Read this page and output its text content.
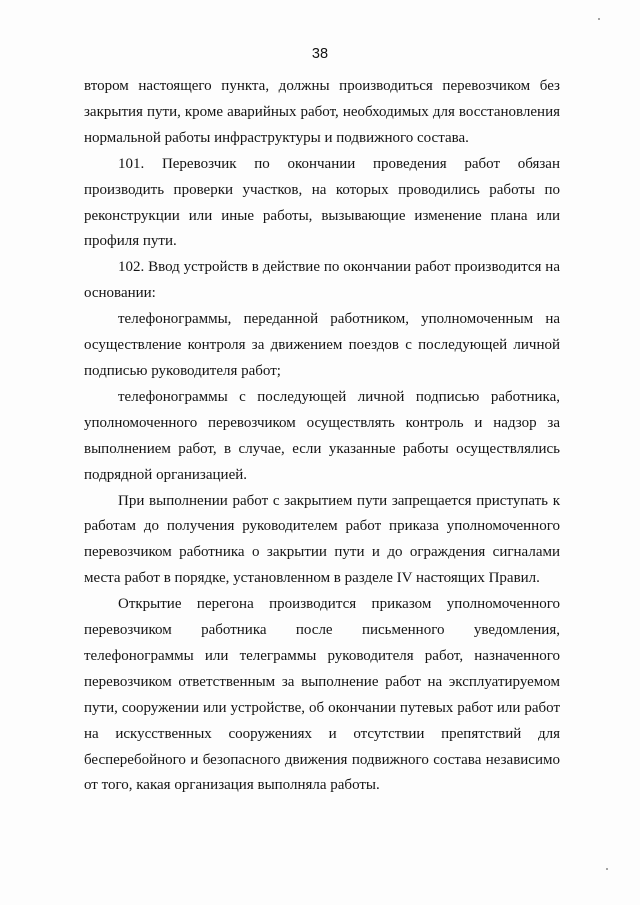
38

втором настоящего пункта, должны производиться перевозчиком без закрытия пути, кроме аварийных работ, необходимых для восстановления нормальной работы инфраструктуры и подвижного состава.

101. Перевозчик по окончании проведения работ обязан производить проверки участков, на которых проводились работы по реконструкции или иные работы, вызывающие изменение плана или профиля пути.

102. Ввод устройств в действие по окончании работ производится на основании:

телефонограммы, переданной работником, уполномоченным на осуществление контроля за движением поездов с последующей личной подписью руководителя работ;

телефонограммы с последующей личной подписью работника, уполномоченного перевозчиком осуществлять контроль и надзор за выполнением работ, в случае, если указанные работы осуществлялись подрядной организацией.

При выполнении работ с закрытием пути запрещается приступать к работам до получения руководителем работ приказа уполномоченного перевозчиком работника о закрытии пути и до ограждения сигналами места работ в порядке, установленном в разделе IV настоящих Правил.

Открытие перегона производится приказом уполномоченного перевозчиком работника после письменного уведомления, телефонограммы или телеграммы руководителя работ, назначенного перевозчиком ответственным за выполнение работ на эксплуатируемом пути, сооружении или устройстве, об окончании путевых работ или работ на искусственных сооружениях и отсутствии препятствий для бесперебойного и безопасного движения подвижного состава независимо от того, какая организация выполняла работы.
